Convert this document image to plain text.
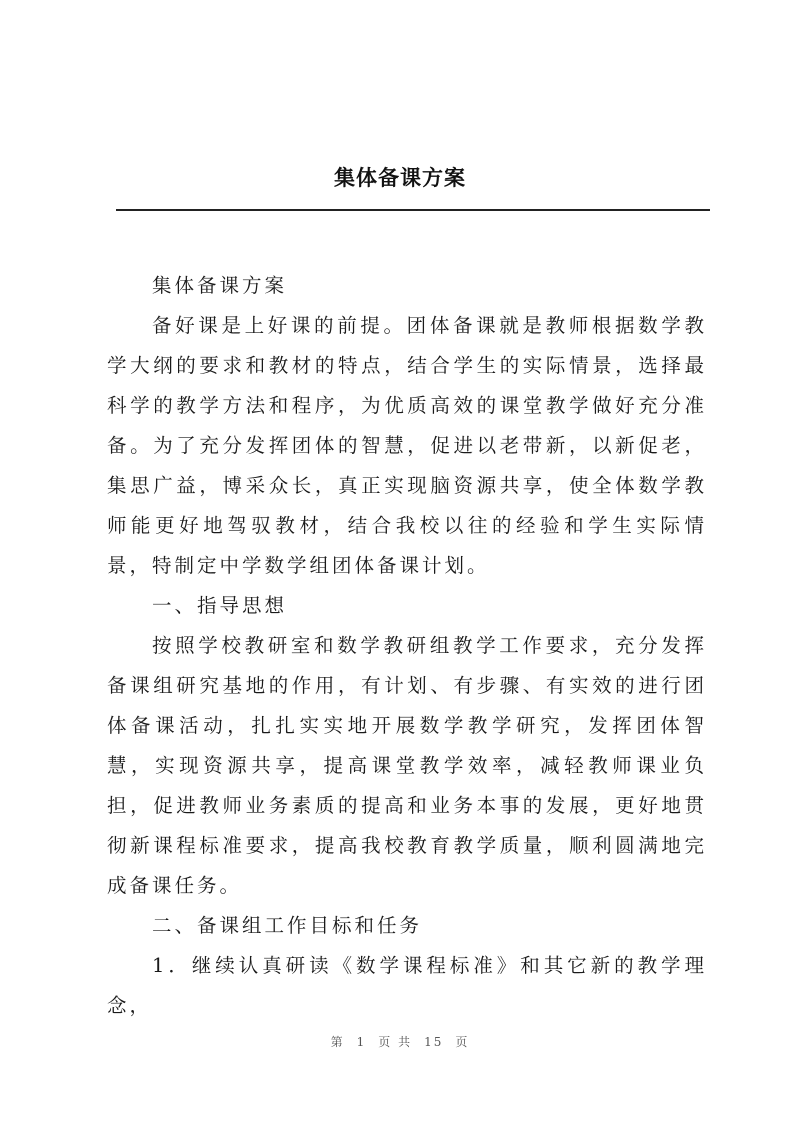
集体备课方案

集体备课方案

备好课是上好课的前提。团体备课就是教师根据数学教学大纲的要求和教材的特点，结合学生的实际情景，选择最科学的教学方法和程序，为优质高效的课堂教学做好充分准备。为了充分发挥团体的智慧，促进以老带新，以新促老，集思广益，博采众长，真正实现脑资源共享，使全体数学教师能更好地驾驭教材，结合我校以往的经验和学生实际情景，特制定中学数学组团体备课计划。

一、指导思想

按照学校教研室和数学教研组教学工作要求，充分发挥备课组研究基地的作用，有计划、有步骤、有实效的进行团体备课活动，扎扎实实地开展数学教学研究，发挥团体智慧，实现资源共享，提高课堂教学效率，减轻教师课业负担，促进教师业务素质的提高和业务本事的发展，更好地贯彻新课程标准要求，提高我校教育教学质量，顺利圆满地完成备课任务。

二、备课组工作目标和任务

1．继续认真研读《数学课程标准》和其它新的教学理念，

第 1 页 共 15 页
